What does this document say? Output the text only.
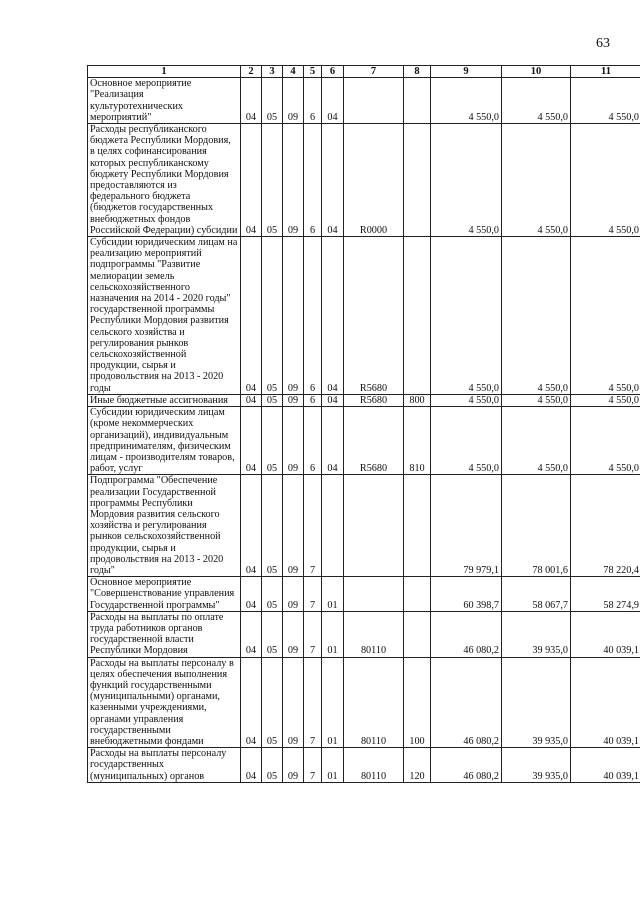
63
1	2	3	4	5	6	7	8	9	10	11
Основное мероприятие "Реализация культуротехнических мероприятий"	04	05	09	6	04			4 550,0	4 550,0	4 550,0
Расходы республиканского бюджета Республики Мордовия, в целях софинансирования которых республиканскому бюджету Республики Мордовия предоставляются из федерального бюджета (бюджетов государственных внебюджетных фондов Российской Федерации) субсидии	04	05	09	6	04	R0000		4 550,0	4 550,0	4 550,0
Субсидии юридическим лицам на реализацию мероприятий подпрограммы "Развитие мелиорации земель сельскохозяйственного назначения на 2014 - 2020 годы" государственной программы Республики Мордовия развития сельского хозяйства и регулирования рынков сельскохозяйственной продукции, сырья и продовольствия на 2013 - 2020 годы	04	05	09	6	04	R5680		4 550,0	4 550,0	4 550,0
Иные бюджетные ассигнования	04	05	09	6	04	R5680	800	4 550,0	4 550,0	4 550,0
Субсидии юридическим лицам (кроме некоммерческих организаций), индивидуальным предпринимателям, физическим лицам - производителям товаров, работ, услуг	04	05	09	6	04	R5680	810	4 550,0	4 550,0	4 550,0
Подпрограмма "Обеспечение реализации Государственной программы Республики Мордовия развития сельского хозяйства и регулирования рынков сельскохозяйственной продукции, сырья и продовольствия на 2013 - 2020 годы"	04	05	09	7				79 979,1	78 001,6	78 220,4
Основное мероприятие "Совершенствование управления Государственной программы"	04	05	09	7	01			60 398,7	58 067,7	58 274,9
Расходы на выплаты по оплате труда работников органов государственной власти Республики Мордовия	04	05	09	7	01	80110		46 080,2	39 935,0	40 039,1
Расходы на выплаты персоналу в целях обеспечения выполнения функций государственными (муниципальными) органами, казенными учреждениями, органами управления государственными внебюджетными фондами	04	05	09	7	01	80110	100	46 080,2	39 935,0	40 039,1
Расходы на выплаты персоналу государственных (муниципальных) органов	04	05	09	7	01	80110	120	46 080,2	39 935,0	40 039,1
